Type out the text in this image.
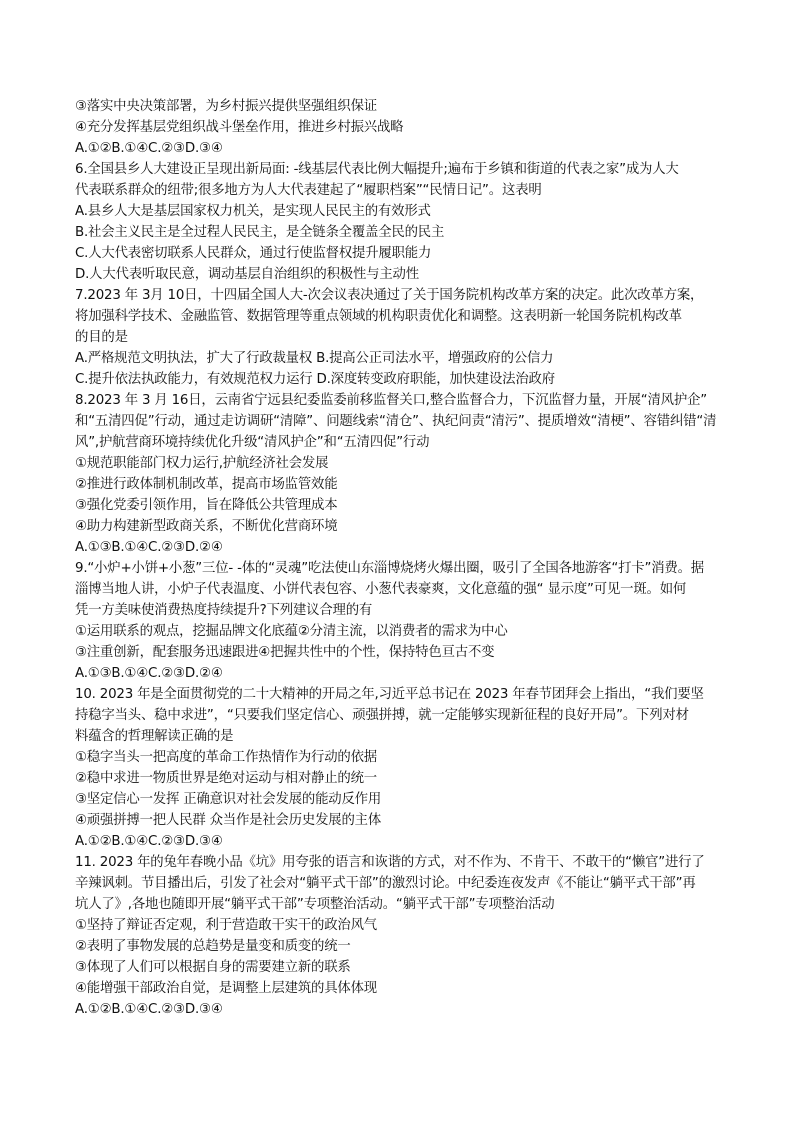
③落实中央决策部署，为乡村振兴提供坚强组织保证
④充分发挥基层党组织战斗堡垒作用，推进乡村振兴战略
A.①②B.①④C.②③D.③④
6.全国县乡人大建设正呈现出新局面: -线基层代表比例大幅提升;遍布于乡镇和街道的代表之家”成为人大
代表联系群众的纽带;很多地方为人大代表建起了“履职档案”“民情日记”。这表明
A.县乡人大是基层国家权力机关，是实现人民民主的有效形式
B.社会主义民主是全过程人民民主，是全链条全覆盖全民的民主
C.人大代表密切联系人民群众，通过行使监督权提升履职能力
D.人大代表听取民意，调动基层自治组织的积极性与主动性
7.2023 年 3月 10日，十四届全国人大-次会议表决通过了关于国务院机构改革方案的决定。此次改革方案，
将加强科学技术、金融监管、数据管理等重点领域的机构职责优化和调整。这表明新一轮国务院机构改革
的目的是
A.严格规范文明执法，扩大了行政裁量权 B.提高公正司法水平，增强政府的公信力
C.提升依法执政能力，有效规范权力运行 D.深度转变政府职能，加快建设法治政府
8.2023 年 3 月 16日，云南省宁远县纪委监委前移监督关口,整合监督合力，下沉监督力量，开展“清风护企”
和“五清四促”行动，通过走访调研“清障”、问题线索“清仓”、执纪问责“清污”、提质增效“清梗”、容错纠错“清
风”,护航营商环境持续优化升级“清风护企”和“五清四促”行动
①规范职能部门权力运行,护航经济社会发展
②推进行政体制机制改革，提高市场监管效能
③强化党委引领作用，旨在降低公共管理成本
④助力构建新型政商关系，不断优化营商环境
A.①③B.①④C.②③D.②④
9.“小炉+小饼+小葱”三位- -体的“灵魂”吃法使山东淄博烧烤火爆出圈，吸引了全国各地游客“打卡”消费。据
淄博当地人讲，小炉子代表温度、小饼代表包容、小葱代表豪爽，文化意蕴的强“ 显示度”可见一斑。如何
凭一方美味使消费热度持续提升?下列建议合理的有
①运用联系的观点，挖掘品牌文化底蕴②分清主流，以消费者的需求为中心
③注重创新，配套服务迅速跟进④把握共性中的个性，保持特色亘古不变
A.①③B.①④C.②③D.②④
10. 2023 年是全面贯彻党的二十大精神的开局之年,习近平总书记在 2023 年春节团拜会上指出，“我们要坚
持稳字当头、稳中求进”，“只要我们坚定信心、顽强拼搏，就一定能够实现新征程的良好开局”。下列对材
料蕴含的哲理解读正确的是
①稳字当头一把高度的革命工作热情作为行动的依据
②稳中求进一物质世界是绝对运动与相对静止的统一
③坚定信心一发挥 正确意识对社会发展的能动反作用
④顽强拼搏一把人民群 众当作是社会历史发展的主体
A.①②B.①④C.②③D.③④
11. 2023 年的兔年春晚小品《坑》用夸张的语言和诙谐的方式，对不作为、不肯干、不敢干的“懒官”进行了
辛辣讽刺。节目播出后，引发了社会对“躺平式干部”的激烈讨论。中纪委连夜发声《不能让“躺平式干部”再
坑人了》,各地也随即开展“躺平式干部”专项整治活动。“躺平式干部”专项整治活动
①坚持了辩证否定观，利于营造敢干实干的政治风气
②表明了事物发展的总趋势是量变和质变的统一
③体现了人们可以根据自身的需要建立新的联系
④能增强干部政治自觉，是调整上层建筑的具体体现
A.①②B.①④C.②③D.③④
